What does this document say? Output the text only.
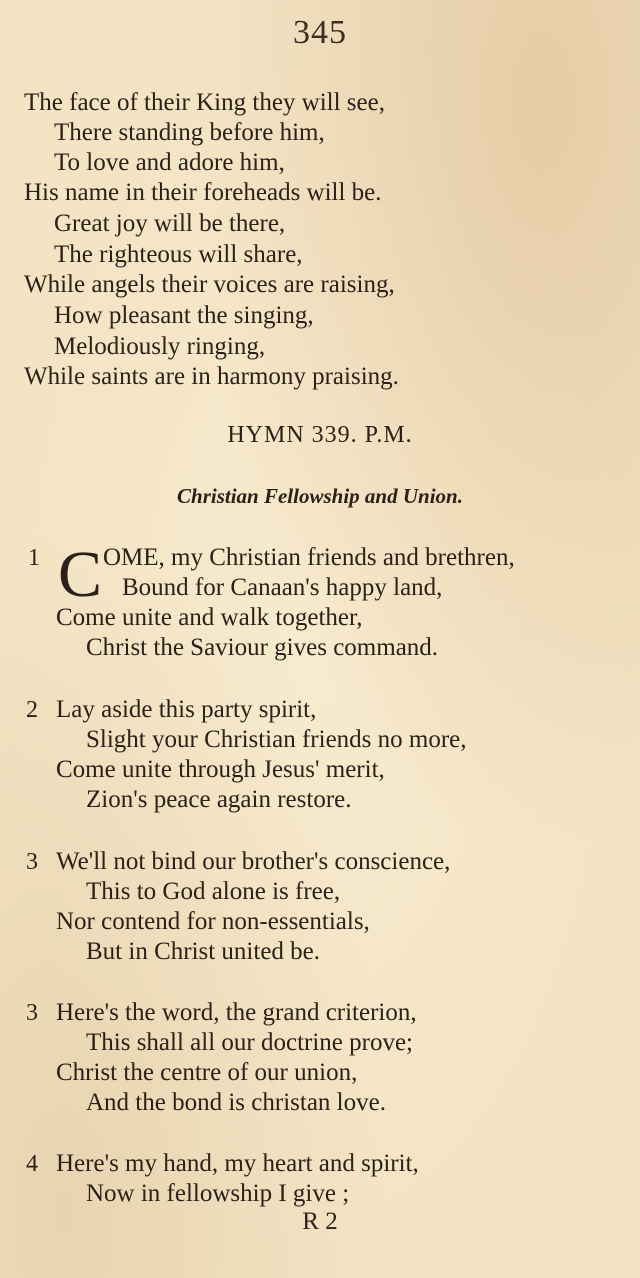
345
The face of their King they will see,
There standing before him,
To love and adore him,
His name in their foreheads will be.
Great joy will be there,
The righteous will share,
While angels their voices are raising,
How pleasant the singing,
Melodiously ringing,
While saints are in harmony praising.
HYMN 339. P.M.
Christian Fellowship and Union.
1 C OME, my Christian friends and brethren,
Bound for Canaan's happy land,
Come unite and walk together,
Christ the Saviour gives command.
2 Lay aside this party spirit,
Slight your Christian friends no more,
Come unite through Jesus' merit,
Zion's peace again restore.
3 We'll not bind our brother's conscience,
This to God alone is free,
Nor contend for non-essentials,
But in Christ united be.
3 Here's the word, the grand criterion,
This shall all our doctrine prove;
Christ the centre of our union,
And the bond is christan love.
4 Here's my hand, my heart and spirit,
Now in fellowship I give ;
R 2
